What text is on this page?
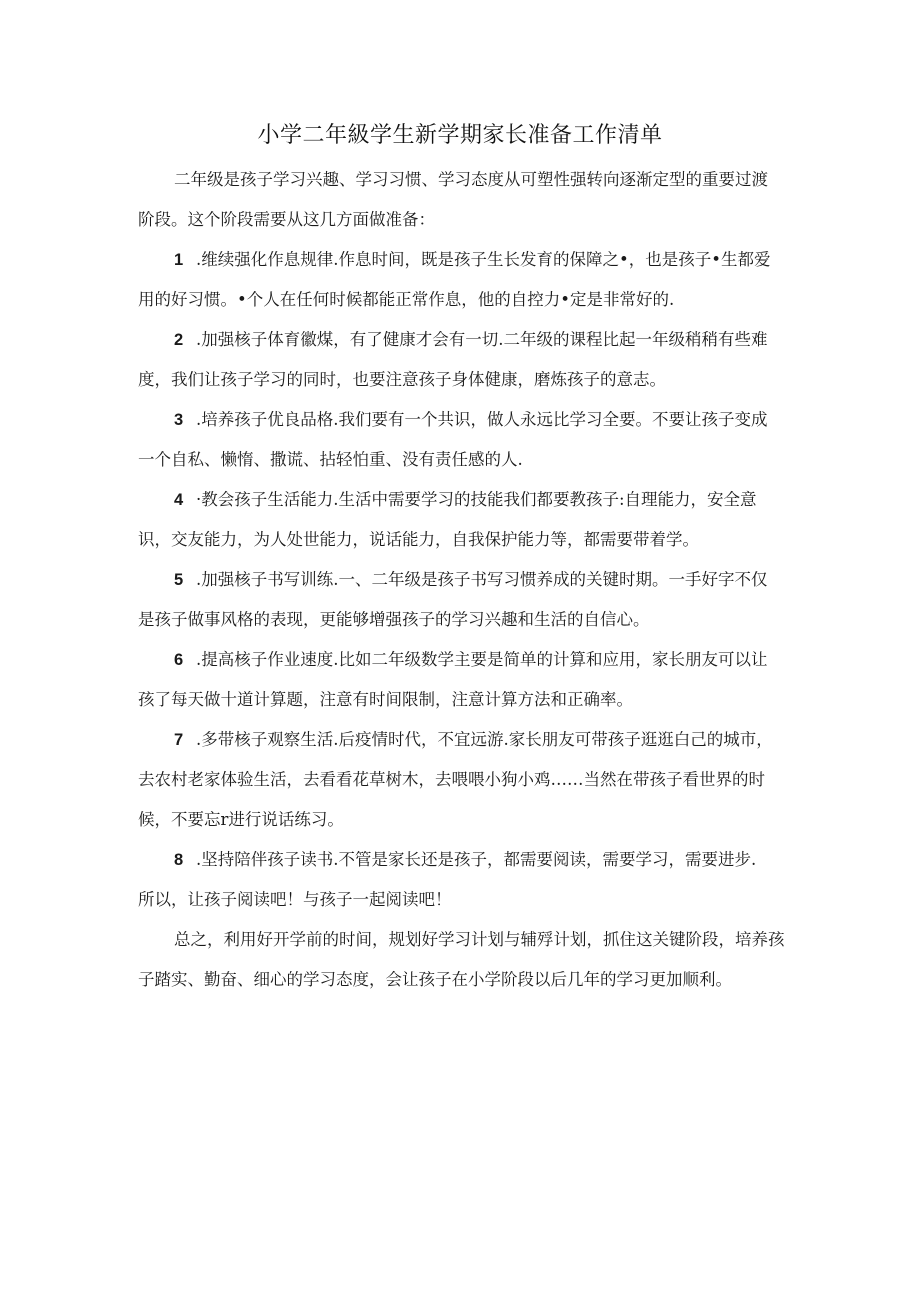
小学二年級学生新学期家长准备工作清单
二年级是孩子学习兴趣、学习习惯、学习态度从可塑性强转向逐渐定型的重要过渡
阶段。这个阶段需要从这几方面做准备：
1 .维续强化作息规律.作息时间，既是孩子生长发育的保障之•，也是孩子•生都爱
用的好习惯。•个人在任何时候都能正常作息，他的自控力•定是非常好的.
2 .加强核子体育徽煤，有了健康才会有一切.二年级的课程比起一年级稍稍有些难
度，我们让孩子学习的同时，也要注意孩子身体健康，磨炼孩子的意志。
3 .培养孩子优良品格.我们要有一个共识，做人永远比学习全要。不要让孩子变成
一个自私、懒惰、撒谎、拈轻怕重、没有责任感的人.
4 ·教会孩子生活能力.生活中需要学习的技能我们都要教孩子:自理能力，安全意
识，交友能力，为人处世能力，说话能力，自我保护能力等，都需要带着学。
5 .加强核子书写训练.一、二年级是孩子书写习惯养成的关键时期。一手好字不仅
是孩子做事风格的表现，更能够增强孩子的学习兴趣和生活的自信心。
6 .提高核子作业速度.比如二年级数学主要是简单的计算和应用，家长朋友可以让
孩了每天做十道计算题，注意有时间限制，注意计算方法和正确率。
7 .多带核子观察生活.后疫情时代，不宜远游.家长朋友可带孩子逛逛白己的城市，
去农村老家体验生活，去看看花草树木，去喂喂小狗小鸡……当然在带孩子看世界的时
候，不要忘r进行说话练习。
8 .坚持陪伴孩子读书.不管是家长还是孩子，都需要阅读，需要学习，需要进步.
所以，让孩子阅读吧！与孩子一起阅读吧！
总之，利用好开学前的时间，规划好学习计划与辅殍计划，抓住这关键阶段，培养孩
子踏实、勤奋、细心的学习态度，会让孩子在小学阶段以后几年的学习更加顺利。
